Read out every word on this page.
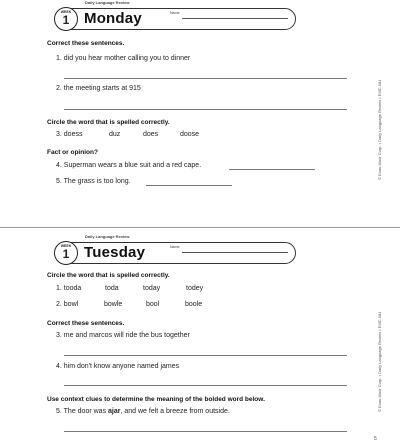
Daily Language Review
WEEK
1 Monday	Name:
Correct these sentences.
1. did you hear mother calling you to dinner
2. the meeting starts at 915
Circle the word that is spelled correctly.
3. doess	duz	does	doose
Fact or opinion?
4. Superman wears a blue suit and a red cape.
5. The grass is too long.
© Evan-Moor Corp. • Daily Language Review • EMC 581
Daily Language Review
WEEK
1 Tuesday	Name:
Circle the word that is spelled correctly.
1. tooda	toda	today	todey
2. bowl	bowle	bool	boole
Correct these sentences.
3. me and marcos will ride the bus together
4. him don't know anyone named james
Use context clues to determine the meaning of the bolded word below.
5. The door was ajar, and we felt a breeze from outside.	© Evan-Moor Corp. • Daily Language Review • EMC 581
5
